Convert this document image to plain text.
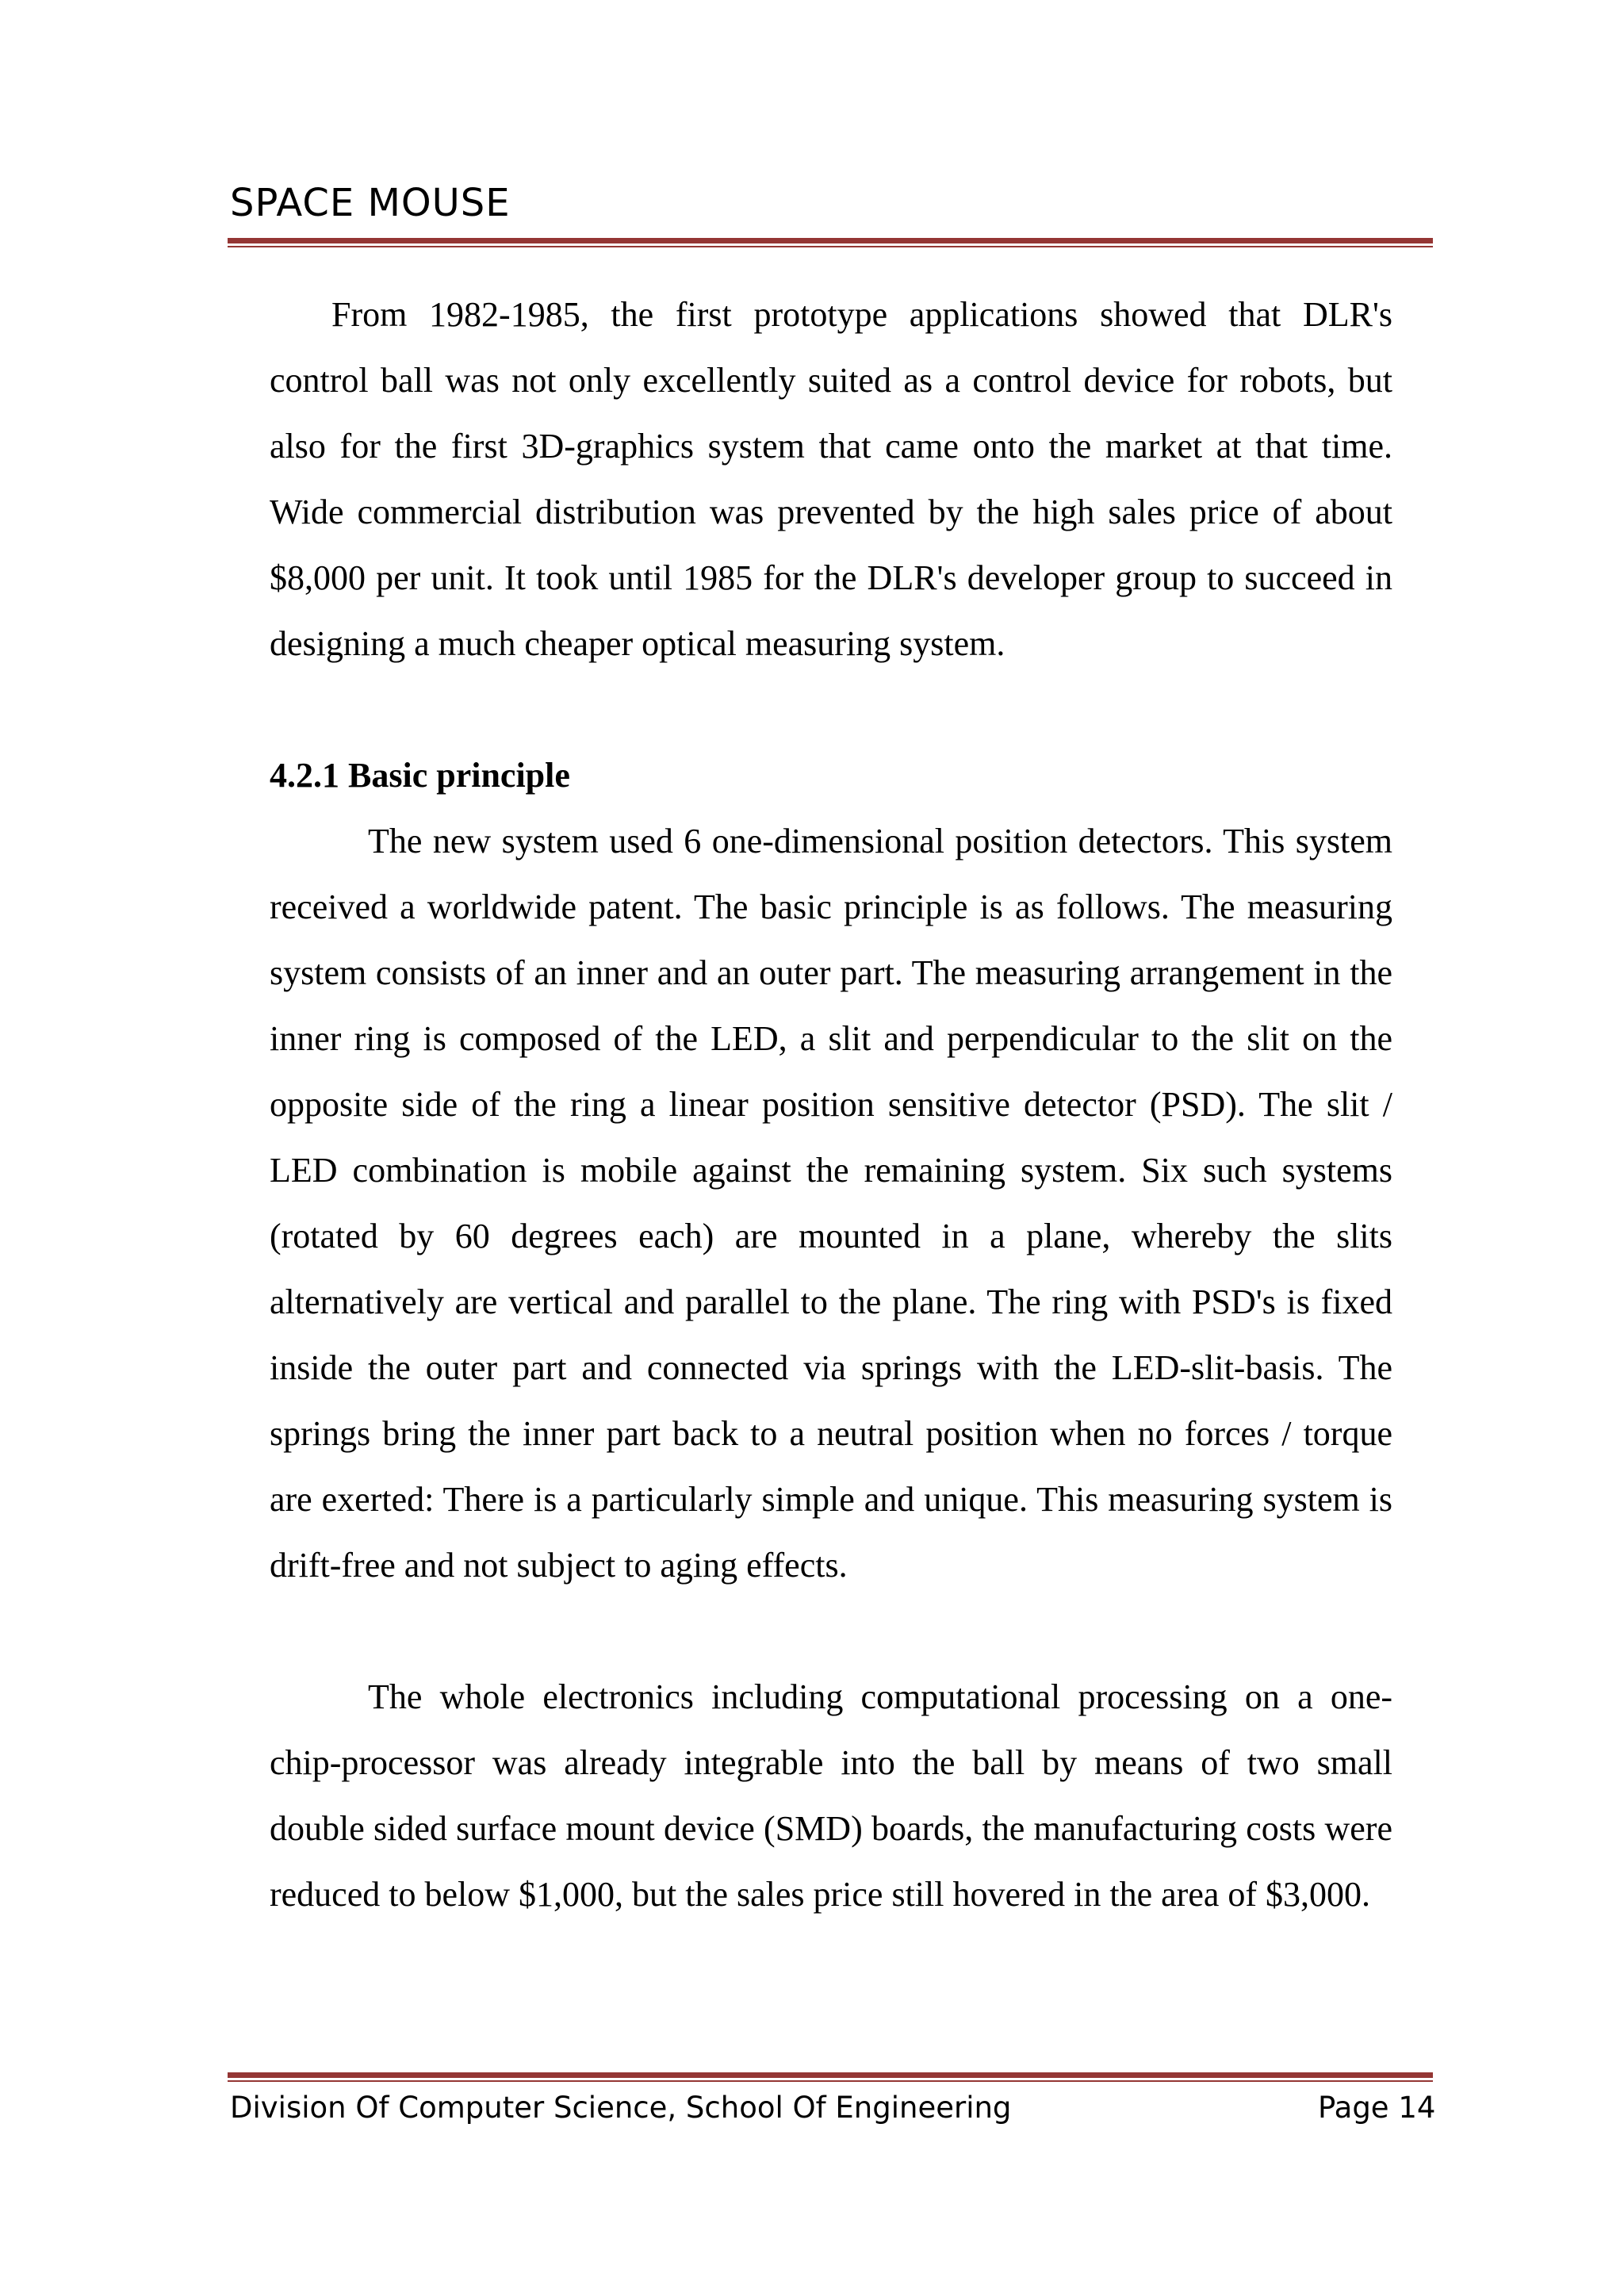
SPACE MOUSE

From 1982-1985, the first prototype applications showed that DLR's control ball was not only excellently suited as a control device for robots, but also for the first 3D-graphics system that came onto the market at that time. Wide commercial distribution was prevented by the high sales price of about $8,000 per unit. It took until 1985 for the DLR's developer group to succeed in designing a much cheaper optical measuring system.

4.2.1 Basic principle

The new system used 6 one-dimensional position detectors. This system received a worldwide patent. The basic principle is as follows. The measuring system consists of an inner and an outer part. The measuring arrangement in the inner ring is composed of the LED, a slit and perpendicular to the slit on the opposite side of the ring a linear position sensitive detector (PSD). The slit / LED combination is mobile against the remaining system. Six such systems (rotated by 60 degrees each) are mounted in a plane, whereby the slits alternatively are vertical and parallel to the plane. The ring with PSD's is fixed inside the outer part and connected via springs with the LED-slit-basis. The springs bring the inner part back to a neutral position when no forces / torque are exerted: There is a particularly simple and unique. This measuring system is drift-free and not subject to aging effects.

The whole electronics including computational processing on a one-chip-processor was already integrable into the ball by means of two small double sided surface mount device (SMD) boards, the manufacturing costs were reduced to below $1,000, but the sales price still hovered in the area of $3,000.

Division Of Computer Science, School Of Engineering	Page 14
